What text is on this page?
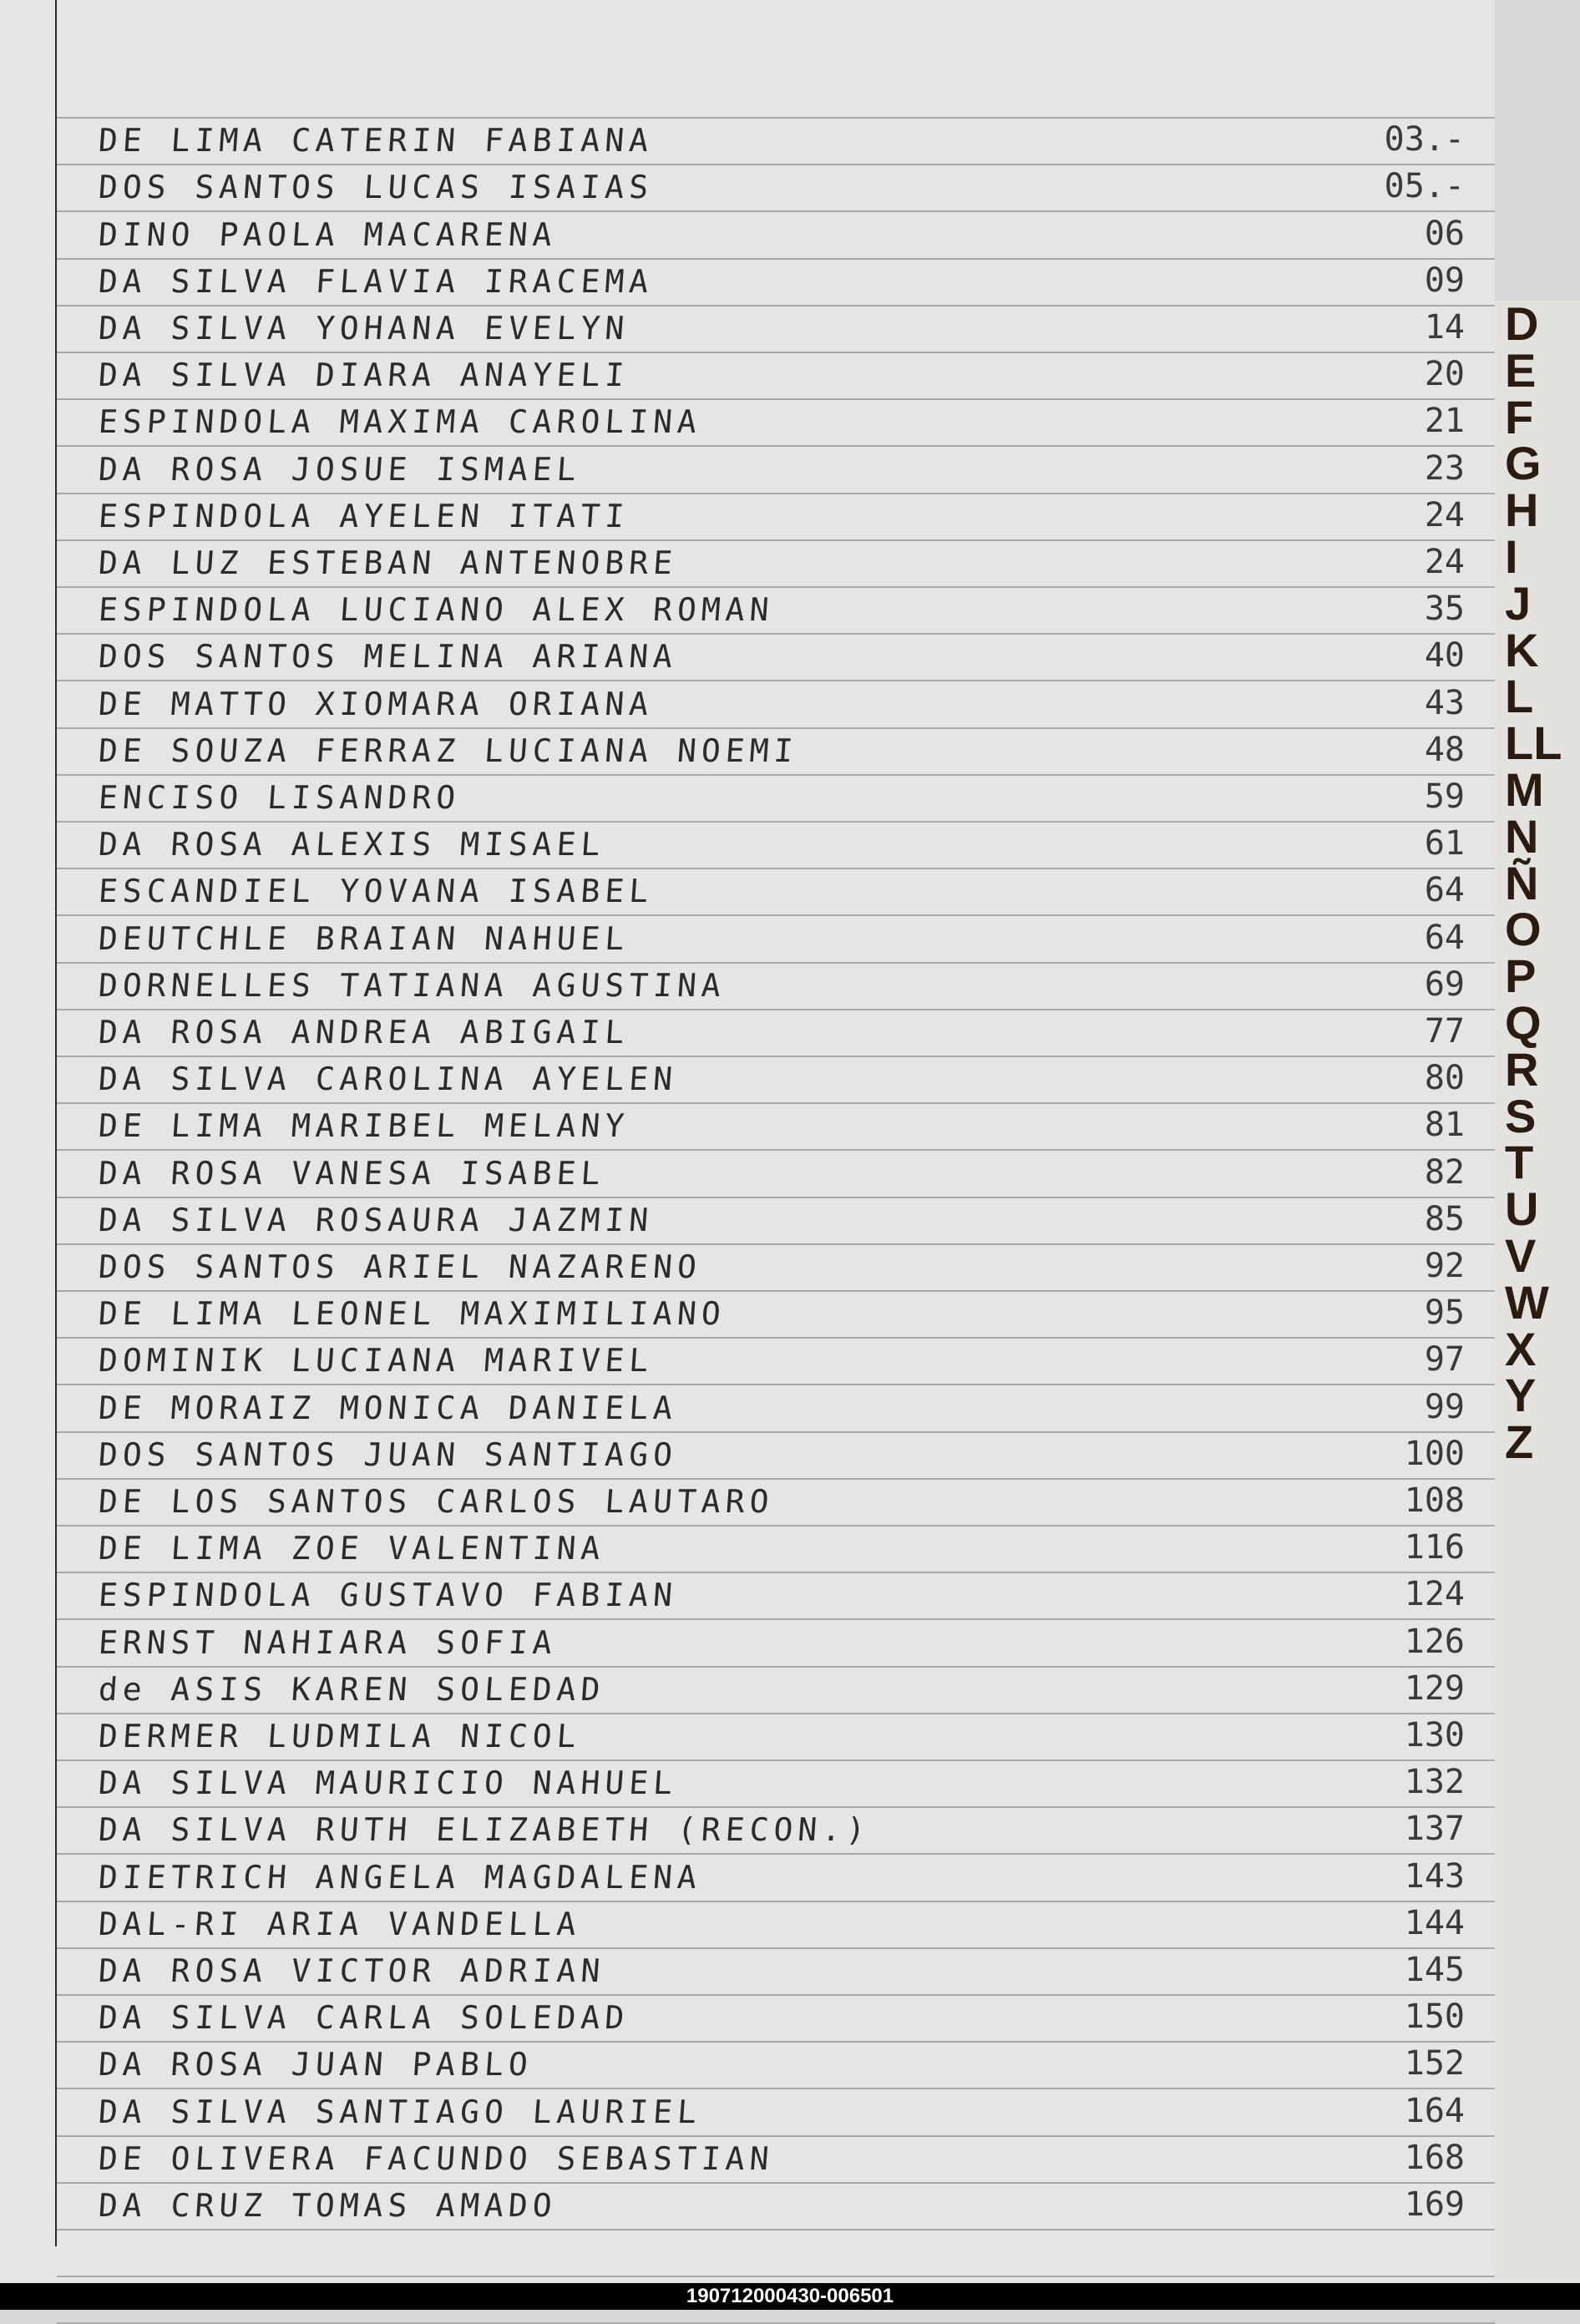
DE LIMA CATERIN FABIANA	03.-
DOS SANTOS LUCAS ISAIAS	05.-
DINO PAOLA MACARENA	06
DA SILVA FLAVIA IRACEMA	09
DA SILVA YOHANA EVELYN	14
DA SILVA DIARA ANAYELI	20
ESPINDOLA MAXIMA CAROLINA	21
DA ROSA JOSUE ISMAEL	23
ESPINDOLA AYELEN ITATI	24
DA LUZ ESTEBAN ANTENOBRE	24
ESPINDOLA LUCIANO ALEX ROMAN	35
DOS SANTOS MELINA ARIANA	40
DE MATTO XIOMARA ORIANA	43
DE SOUZA FERRAZ LUCIANA NOEMI	48
ENCISO LISANDRO	59
DA ROSA ALEXIS MISAEL	61
ESCANDIEL YOVANA ISABEL	64
DEUTCHLE BRAIAN NAHUEL	64
DORNELLES TATIANA AGUSTINA	69
DA ROSA ANDREA ABIGAIL	77
DA SILVA CAROLINA AYELEN	80
DE LIMA MARIBEL MELANY	81
DA ROSA VANESA ISABEL	82
DA SILVA ROSAURA JAZMIN	85
DOS SANTOS ARIEL NAZARENO	92
DE LIMA LEONEL MAXIMILIANO	95
DOMINIK LUCIANA MARIVEL	97
DE MORAIZ MONICA DANIELA	99
DOS SANTOS JUAN SANTIAGO	100
DE LOS SANTOS CARLOS LAUTARO	108
DE LIMA ZOE VALENTINA	116
ESPINDOLA GUSTAVO FABIAN	124
ERNST NAHIARA SOFIA	126
de ASIS KAREN SOLEDAD	129
DERMER LUDMILA NICOL	130
DA SILVA MAURICIO NAHUEL	132
DA SILVA RUTH ELIZABETH (RECON.)	137
DIETRICH ANGELA MAGDALENA	143
DAL-RI ARIA VANDELLA	144
DA ROSA VICTOR ADRIAN	145
DA SILVA CARLA SOLEDAD	150
DA ROSA JUAN PABLO	152
DA SILVA SANTIAGO LAURIEL	164
DE OLIVERA FACUNDO SEBASTIAN	168
DA CRUZ TOMAS AMADO	169
D
E
F
G
H
I
J
K
L
LL
M
N
Ñ
O
P
Q
R
S
T
U
V
W
X
Y
Z
190712000430-006501
